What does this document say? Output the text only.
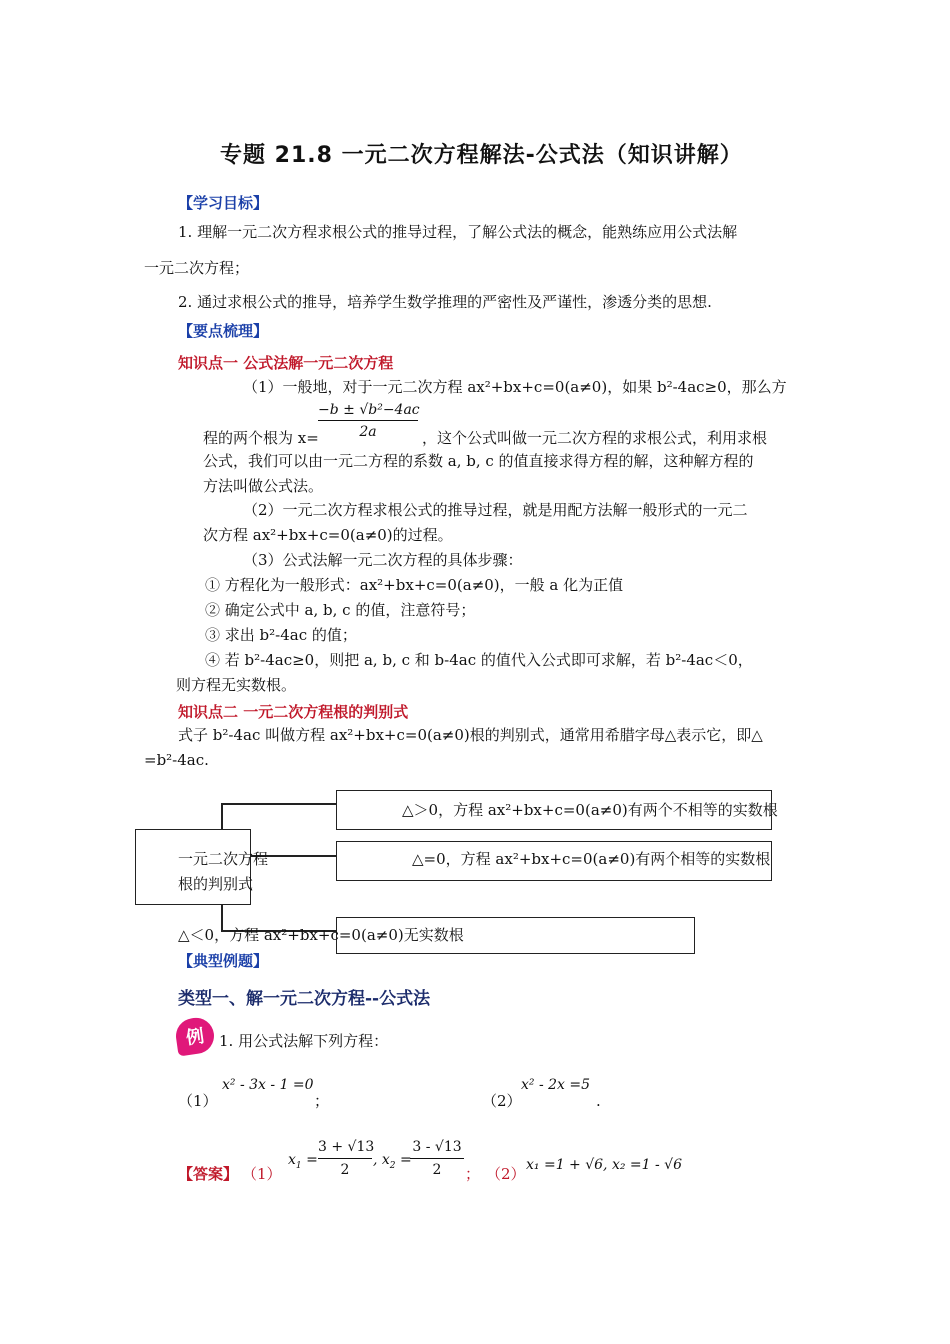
专题 21.8 一元二次方程解法-公式法（知识讲解）
【学习目标】
1. 理解一元二次方程求根公式的推导过程，了解公式法的概念，能熟练应用公式法解
一元二次方程；
2. 通过求根公式的推导，培养学生数学推理的严密性及严谨性，渗透分类的思想.
【要点梳理】
知识点一 公式法解一元二次方程
（1）一般地，对于一元二次方程 ax²+bx+c=0(a≠0)，如果 b²-4ac≥0，那么方
程的两个根为 $x= \frac{\text{−b ± √b²−4ac}}{2a}$ ，这个公式叫做一元二次方程的求根公式，利用求根
公式，我们可以由一元二方程的系数 a, b, c 的值直接求得方程的解，这种解方程的
方法叫做公式法。
（2）一元二次方程求根公式的推导过程，就是用配方法解一般形式的一元二
次方程 ax²+bx+c=0(a≠0)的过程。
（3）公式法解一元二次方程的具体步骤：
① 方程化为一般形式：ax²+bx+c=0(a≠0)，一般 a 化为正值
② 确定公式中 a, b, c 的值，注意符号；
③ 求出 b²-4ac 的值；
④ 若 b²-4ac≥0，则把 a, b, c 和 b-4ac 的值代入公式即可求解，若 b²-4ac＜0，
则方程无实数根。
知识点二 一元二次方程根的判别式
式子 b²-4ac 叫做方程 ax²+bx+c=0(a≠0)根的判别式，通常用希腊字母△表示它，即△
=b²-4ac.
一元二次方程
根的判别式
△＞0，方程 ax²+bx+c=0(a≠0)有两个不相等的实数根
△=0，方程 ax²+bx+c=0(a≠0)有两个相等的实数根
△＜0，方程 ax²+bx+c=0(a≠0)无实数根
【典型例题】
类型一、解一元二次方程--公式法
例 1. 用公式法解下列方程：
（1）
x² - 3x - 1 =0
；	（2）
x² - 2x =5
.
【答案】 （1）
$x_1 = \frac{3 + √13}{2}$ , $x_2$ =
$\frac{3 - √13}{2}$ ； （2） x₁ =1 + √6, x₂ =1 - √6
